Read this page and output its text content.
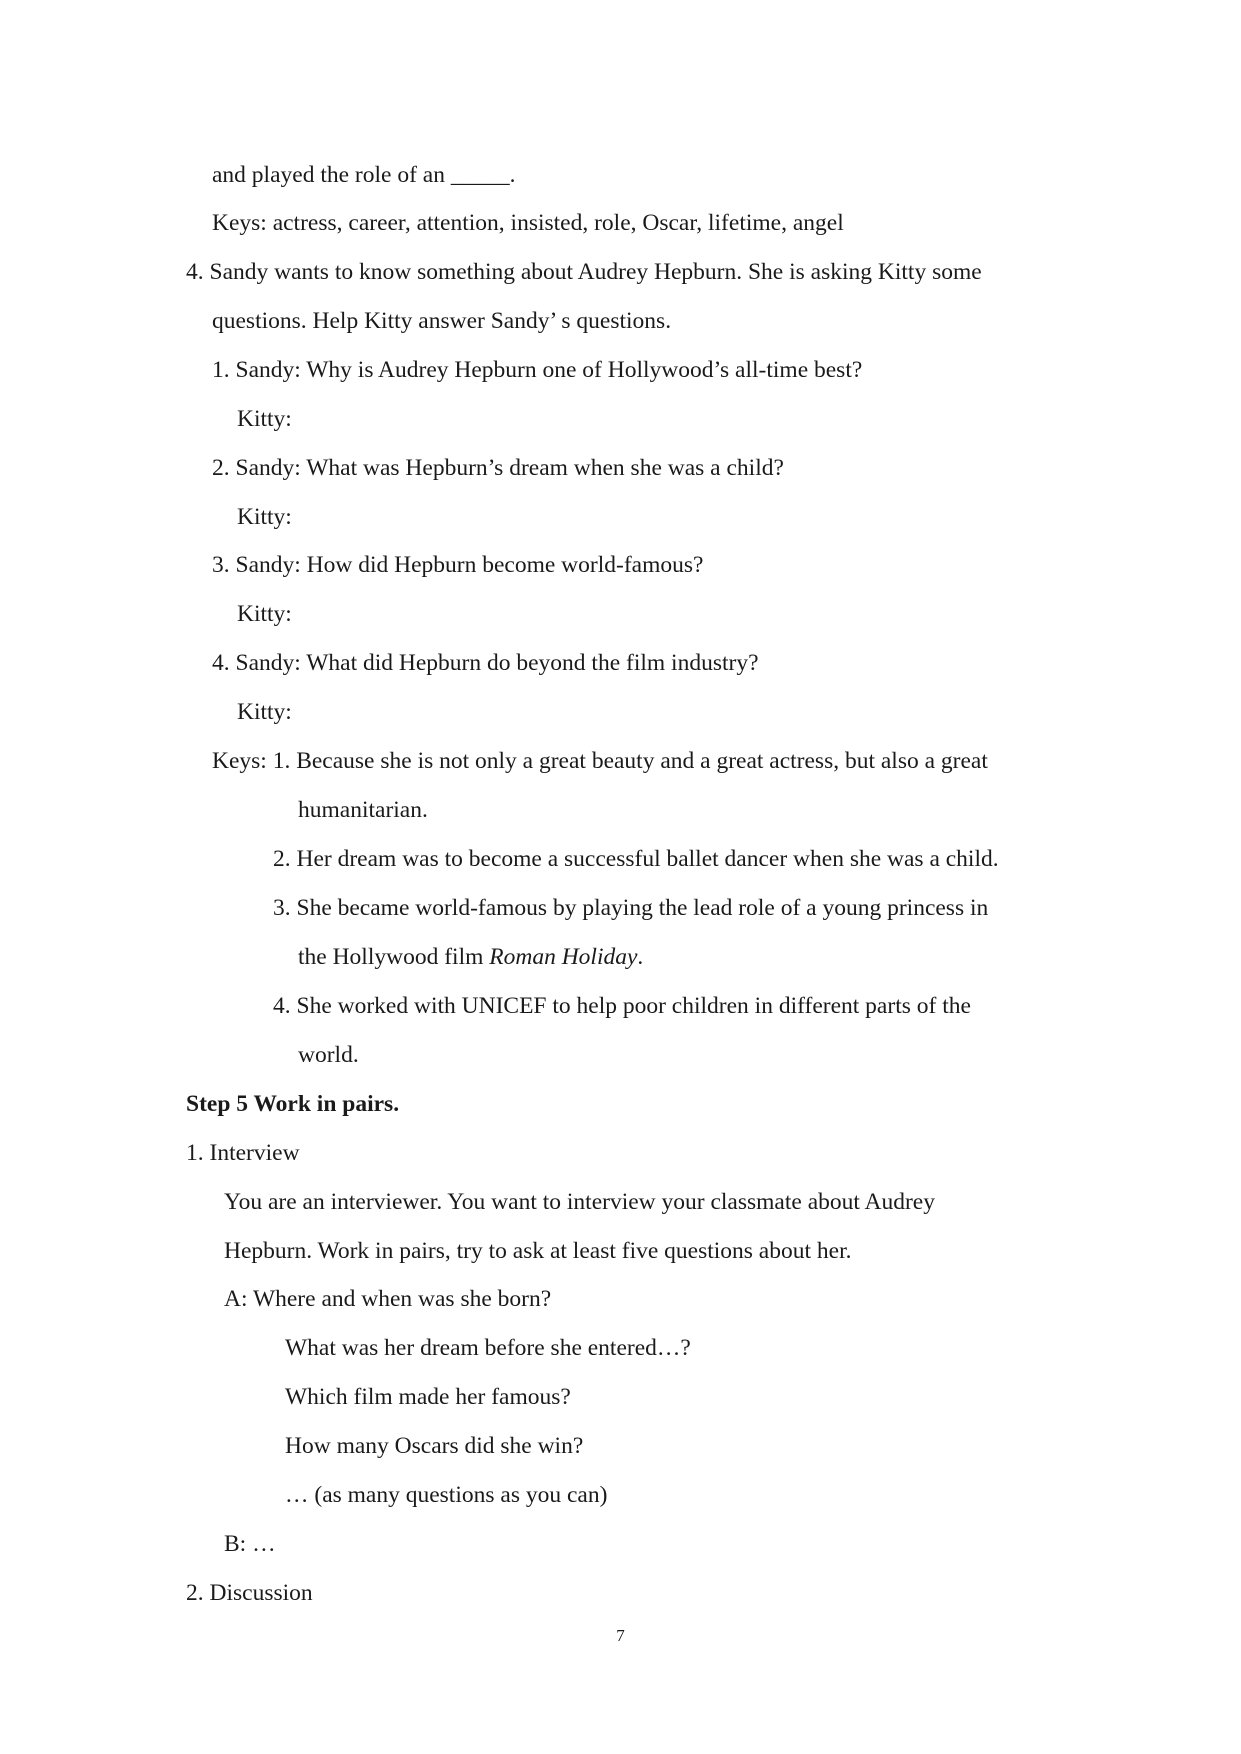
and played the role of an _____.
Keys: actress, career, attention, insisted, role, Oscar, lifetime, angel
4. Sandy wants to know something about Audrey Hepburn. She is asking Kitty some
questions. Help Kitty answer Sandy’ s questions.
1. Sandy: Why is Audrey Hepburn one of Hollywood’s all-time best?
Kitty:
2. Sandy: What was Hepburn’s dream when she was a child?
Kitty:
3. Sandy: How did Hepburn become world-famous?
Kitty:
4. Sandy: What did Hepburn do beyond the film industry?
Kitty:
Keys: 1. Because she is not only a great beauty and a great actress, but also a great
humanitarian.
2. Her dream was to become a successful ballet dancer when she was a child.
3. She became world-famous by playing the lead role of a young princess in
the Hollywood film Roman Holiday.
4. She worked with UNICEF to help poor children in different parts of the
world.
Step 5 Work in pairs.
1. Interview
You are an interviewer. You want to interview your classmate about Audrey
Hepburn. Work in pairs, try to ask at least five questions about her.
A: Where and when was she born?
What was her dream before she entered…?
Which film made her famous?
How many Oscars did she win?
… (as many questions as you can)
B: …
2. Discussion
7
